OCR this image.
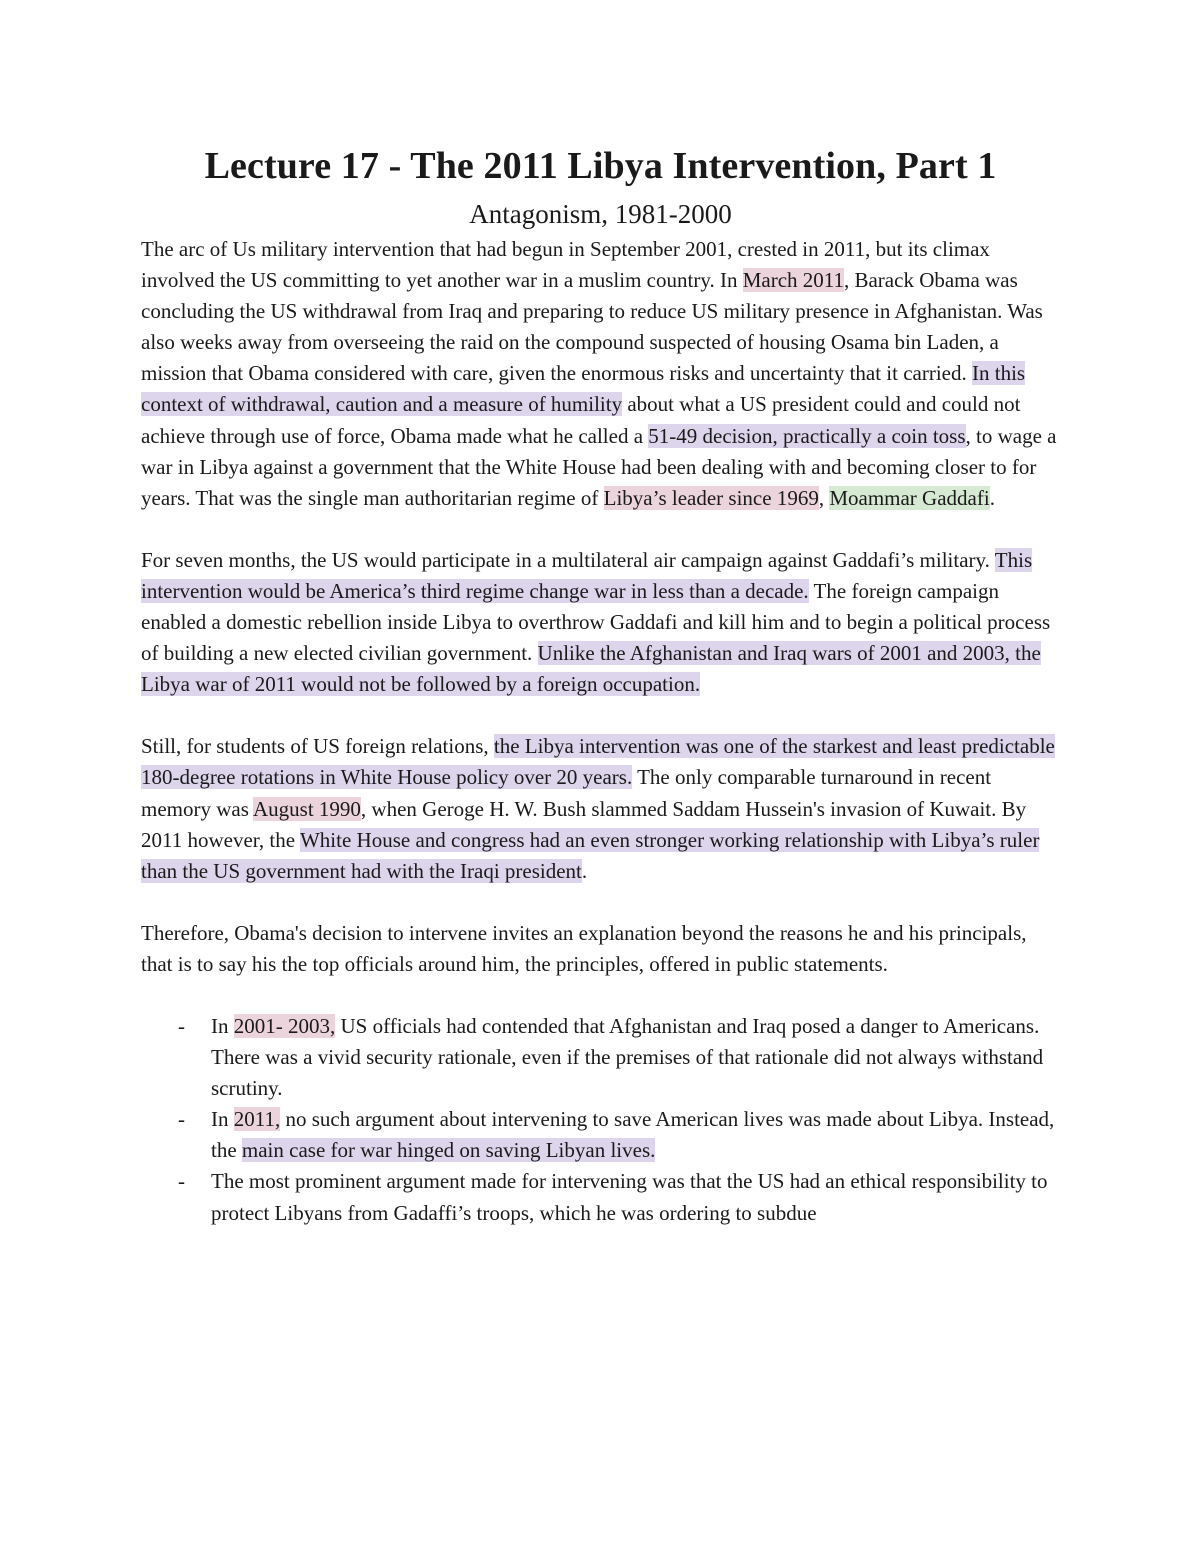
Lecture 17 - The 2011 Libya Intervention, Part 1
Antagonism, 1981-2000

The arc of Us military intervention that had begun in September 2001, crested in 2011, but its climax involved the US committing to yet another war in a muslim country. In March 2011, Barack Obama was concluding the US withdrawal from Iraq and preparing to reduce US military presence in Afghanistan. Was also weeks away from overseeing the raid on the compound suspected of housing Osama bin Laden, a mission that Obama considered with care, given the enormous risks and uncertainty that it carried. In this context of withdrawal, caution and a measure of humility about what a US president could and could not achieve through use of force, Obama made what he called a 51-49 decision, practically a coin toss, to wage a war in Libya against a government that the White House had been dealing with and becoming closer to for years. That was the single man authoritarian regime of Libya’s leader since 1969, Moammar Gaddafi.

For seven months, the US would participate in a multilateral air campaign against Gaddafi’s military. This intervention would be America’s third regime change war in less than a decade. The foreign campaign enabled a domestic rebellion inside Libya to overthrow Gaddafi and kill him and to begin a political process of building a new elected civilian government. Unlike the Afghanistan and Iraq wars of 2001 and 2003, the Libya war of 2011 would not be followed by a foreign occupation.

Still, for students of US foreign relations, the Libya intervention was one of the starkest and least predictable 180-degree rotations in White House policy over 20 years. The only comparable turnaround in recent memory was August 1990, when Geroge H. W. Bush slammed Saddam Hussein's invasion of Kuwait. By 2011 however, the White House and congress had an even stronger working relationship with Libya’s ruler than the US government had with the Iraqi president.

Therefore, Obama's decision to intervene invites an explanation beyond the reasons he and his principals, that is to say his the top officials around him, the principles, offered in public statements.

- In 2001- 2003, US officials had contended that Afghanistan and Iraq posed a danger to Americans. There was a vivid security rationale, even if the premises of that rationale did not always withstand scrutiny.
- In 2011, no such argument about intervening to save American lives was made about Libya. Instead, the main case for war hinged on saving Libyan lives.
- The most prominent argument made for intervening was that the US had an ethical responsibility to protect Libyans from Gadaffi’s troops, which he was ordering to subdue
